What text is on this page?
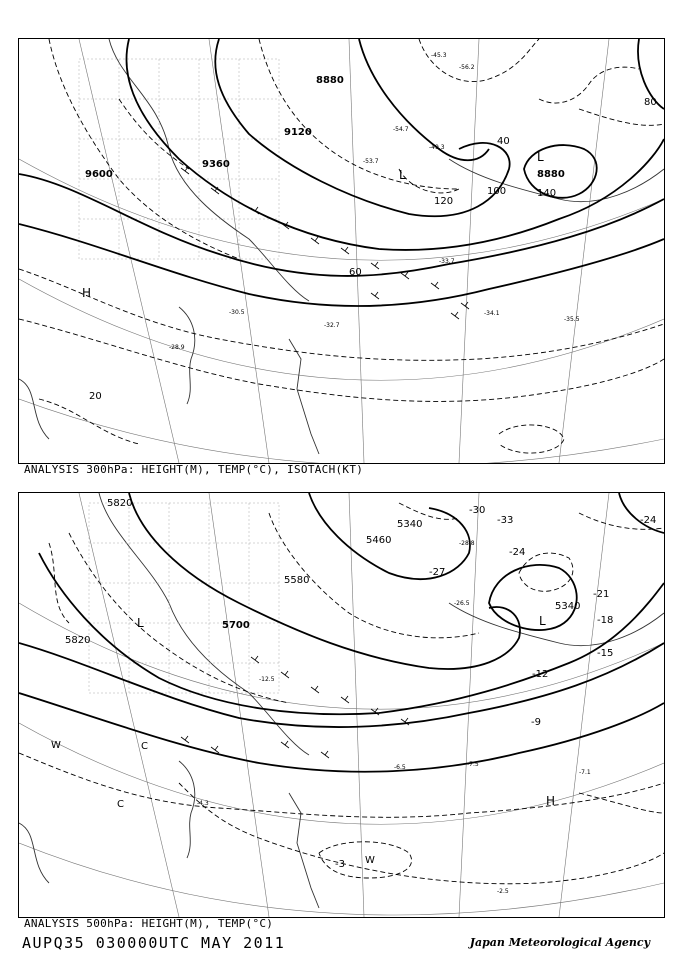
9600
9360
9120
8880
8880
H
L
L
20
40
60
80
100
120
140
-28.9
-30.5
-32.7
-33.7
-34.1
-35.5
-45.3
-49.3
-53.7
-54.7
-56.2
ANALYSIS 300hPa: HEIGHT(M), TEMP(°C), ISOTACH(KT)
5820
5820
5700
5580
5460
5340
5340
L	L
H
W
W
C
C
-3
-9
-12
-15
-18
-21
-24
-27
-30
-33	-24
-4.3
-7.5
-7.1
-2.5
-6.5
-12.5
-26.5
-28.8
ANALYSIS 500hPa: HEIGHT(M), TEMP(°C)
AUPQ35 030000UTC MAY 2011	Japan Meteorological Agency
